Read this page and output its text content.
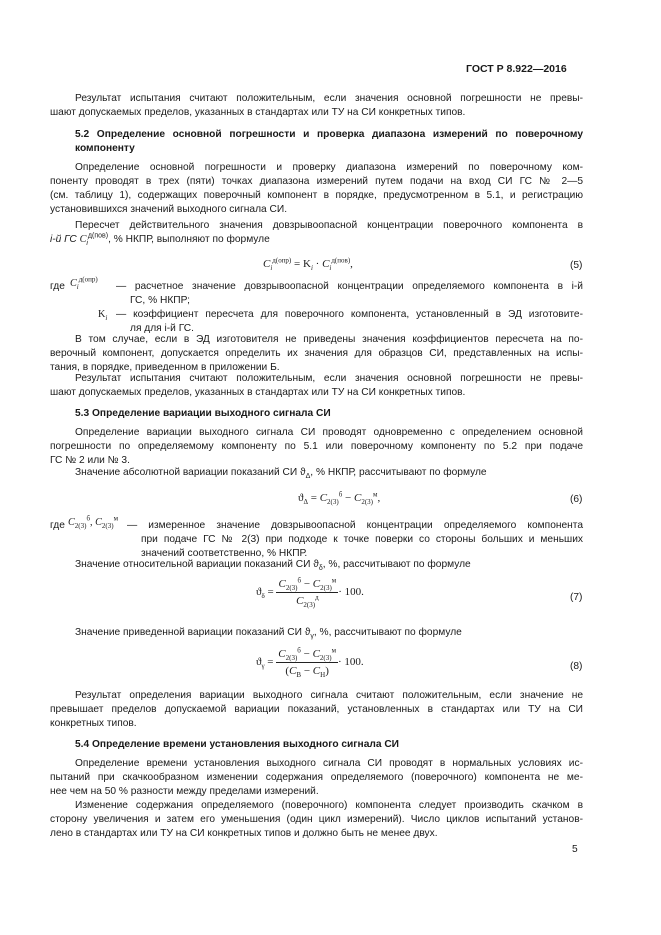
ГОСТ Р 8.922—2016
Результат испытания считают положительным, если значения основной погрешности не превы-
шают допускаемых пределов, указанных в стандартах или ТУ на СИ конкретных типов.
5.2 Определение основной погрешности и проверка диапазона измерений по поверочному
компоненту
Определение основной погрешности и проверку диапазона измерений по поверочному ком-
поненту проводят в трех (пяти) точках диапазона измерений путем подачи на вход СИ ГС № 2—5
(см. таблицу 1), содержащих поверочный компонент в порядке, предусмотренном в 5.1, и регистрацию
установившихся значений выходного сигнала СИ.
Пересчет действительного значения довзрывоопасной концентрации поверочного компонента в
i-й ГС $C_i^{д(пов)}$, % НКПР, выполняют по формуле
$C_i^{д(опр)} = K_i \cdot C_i^{д(пов)}$,	(5)
где $C_i^{д(опр)}$
— расчетное значение довзрывоопасной концентрации определяемого компонента в i-й
ГС, % НКПР;
$K_i$ — коэффициент пересчета для поверочного компонента, установленный в ЭД изготовите-
ля для i-й ГС.
В том случае, если в ЭД изготовителя не приведены значения коэффициентов пересчета на по-
верочный компонент, допускается определить их значения для образцов СИ, представленных на испы-
тания, в порядке, приведенном в приложении Б.
Результат испытания считают положительным, если значения основной погрешности не превы-
шают допускаемых пределов, указанных в стандартах или ТУ на СИ конкретных типов.
5.3 Определение вариации выходного сигнала СИ
Определение вариации выходного сигнала СИ проводят одновременно с определением основной
погрешности по определяемому компоненту по 5.1 или поверочному компоненту по 5.2 при подаче
ГС № 2 или № 3.
Значение абсолютной вариации показаний СИ $ϑ_\Delta$, % НКПР, рассчитывают по формуле
$ϑ_\Delta = C_{2(3)}^б - C_{2(3)}^м$,	(6)
где $C_{2(3)}^б$, $C_{2(3)}^м$
— измеренное значение довзрывоопасной концентрации определяемого компонента
при подаче ГС № 2(3) при подходе к точке поверки со стороны больших и меньших
значений соответственно, % НКПР.
Значение относительной вариации показаний СИ $ϑ_\delta$, %, рассчитывают по формуле
$ϑ_\delta = \frac{C_{2(3)}^б - C_{2(3)}^м}{C_{2(3)}^д} \cdot 100$.	(7)
Значение приведенной вариации показаний СИ $ϑ_\gamma$, %, рассчитывают по формуле
$ϑ_\gamma = \frac{C_{2(3)}^б - C_{2(3)}^м}{(C_В - C_Н)} \cdot 100$.	(8)
Результат определения вариации выходного сигнала считают положительным, если значение не
превышает пределов допускаемой вариации показаний, установленных в стандартах или ТУ на СИ
конкретных типов.
5.4 Определение времени установления выходного сигнала СИ
Определение времени установления выходного сигнала СИ проводят в нормальных условиях ис-
пытаний при скачкообразном изменении содержания определяемого (поверочного) компонента не ме-
нее чем на 50 % разности между пределами измерений.
Изменение содержания определяемого (поверочного) компонента следует производить скачком в
сторону увеличения и затем его уменьшения (один цикл измерений). Число циклов испытаний установ-
лено в стандартах или ТУ на СИ конкретных типов и должно быть не менее двух.
5
